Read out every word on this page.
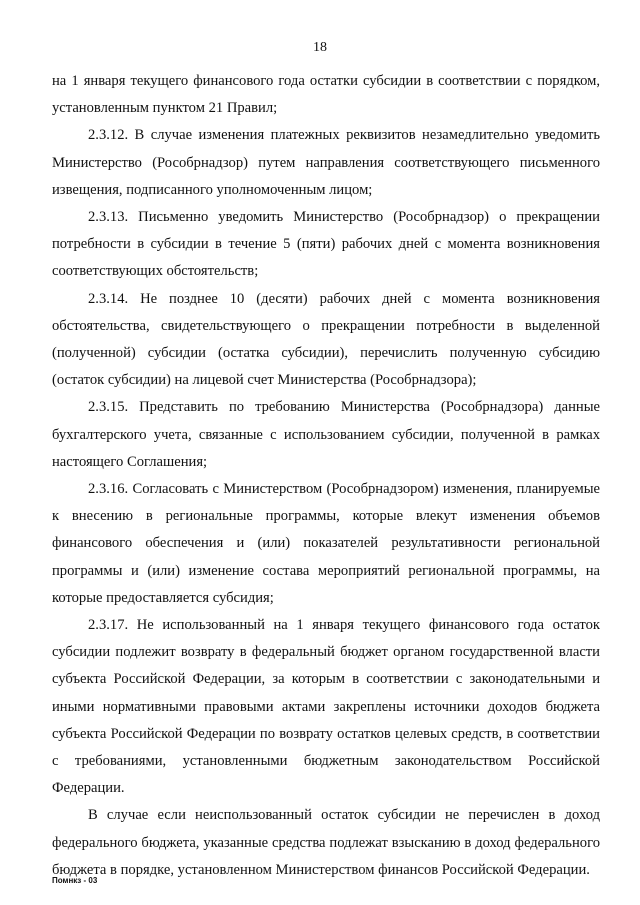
18

на 1 января текущего финансового года остатки субсидии в соответствии с порядком, установленным пунктом 21 Правил;

2.3.12. В случае изменения платежных реквизитов незамедлительно уведомить Министерство (Рособрнадзор) путем направления соответствующего письменного извещения, подписанного уполномоченным лицом;

2.3.13. Письменно уведомить Министерство (Рособрнадзор) о прекращении потребности в субсидии в течение 5 (пяти) рабочих дней с момента возникновения соответствующих обстоятельств;

2.3.14. Не позднее 10 (десяти) рабочих дней с момента возникновения обстоятельства, свидетельствующего о прекращении потребности в выделенной (полученной) субсидии (остатка субсидии), перечислить полученную субсидию (остаток субсидии) на лицевой счет Министерства (Рособрнадзора);

2.3.15. Представить по требованию Министерства (Рособрнадзора) данные бухгалтерского учета, связанные с использованием субсидии, полученной в рамках настоящего Соглашения;

2.3.16. Согласовать с Министерством (Рособрнадзором) изменения, планируемые к внесению в региональные программы, которые влекут изменения объемов финансового обеспечения и (или) показателей результативности региональной программы и (или) изменение состава мероприятий региональной программы, на которые предоставляется субсидия;

2.3.17. Не использованный на 1 января текущего финансового года остаток субсидии подлежит возврату в федеральный бюджет органом государственной власти субъекта Российской Федерации, за которым в соответствии с законодательными и иными нормативными правовыми актами закреплены источники доходов бюджета субъекта Российской Федерации по возврату остатков целевых средств, в соответствии с требованиями, установленными бюджетным законодательством Российской Федерации.

В случае если неиспользованный остаток субсидии не перечислен в доход федерального бюджета, указанные средства подлежат взысканию в доход федерального бюджета в порядке, установленном Министерством финансов Российской Федерации.

Помнкз - 03
